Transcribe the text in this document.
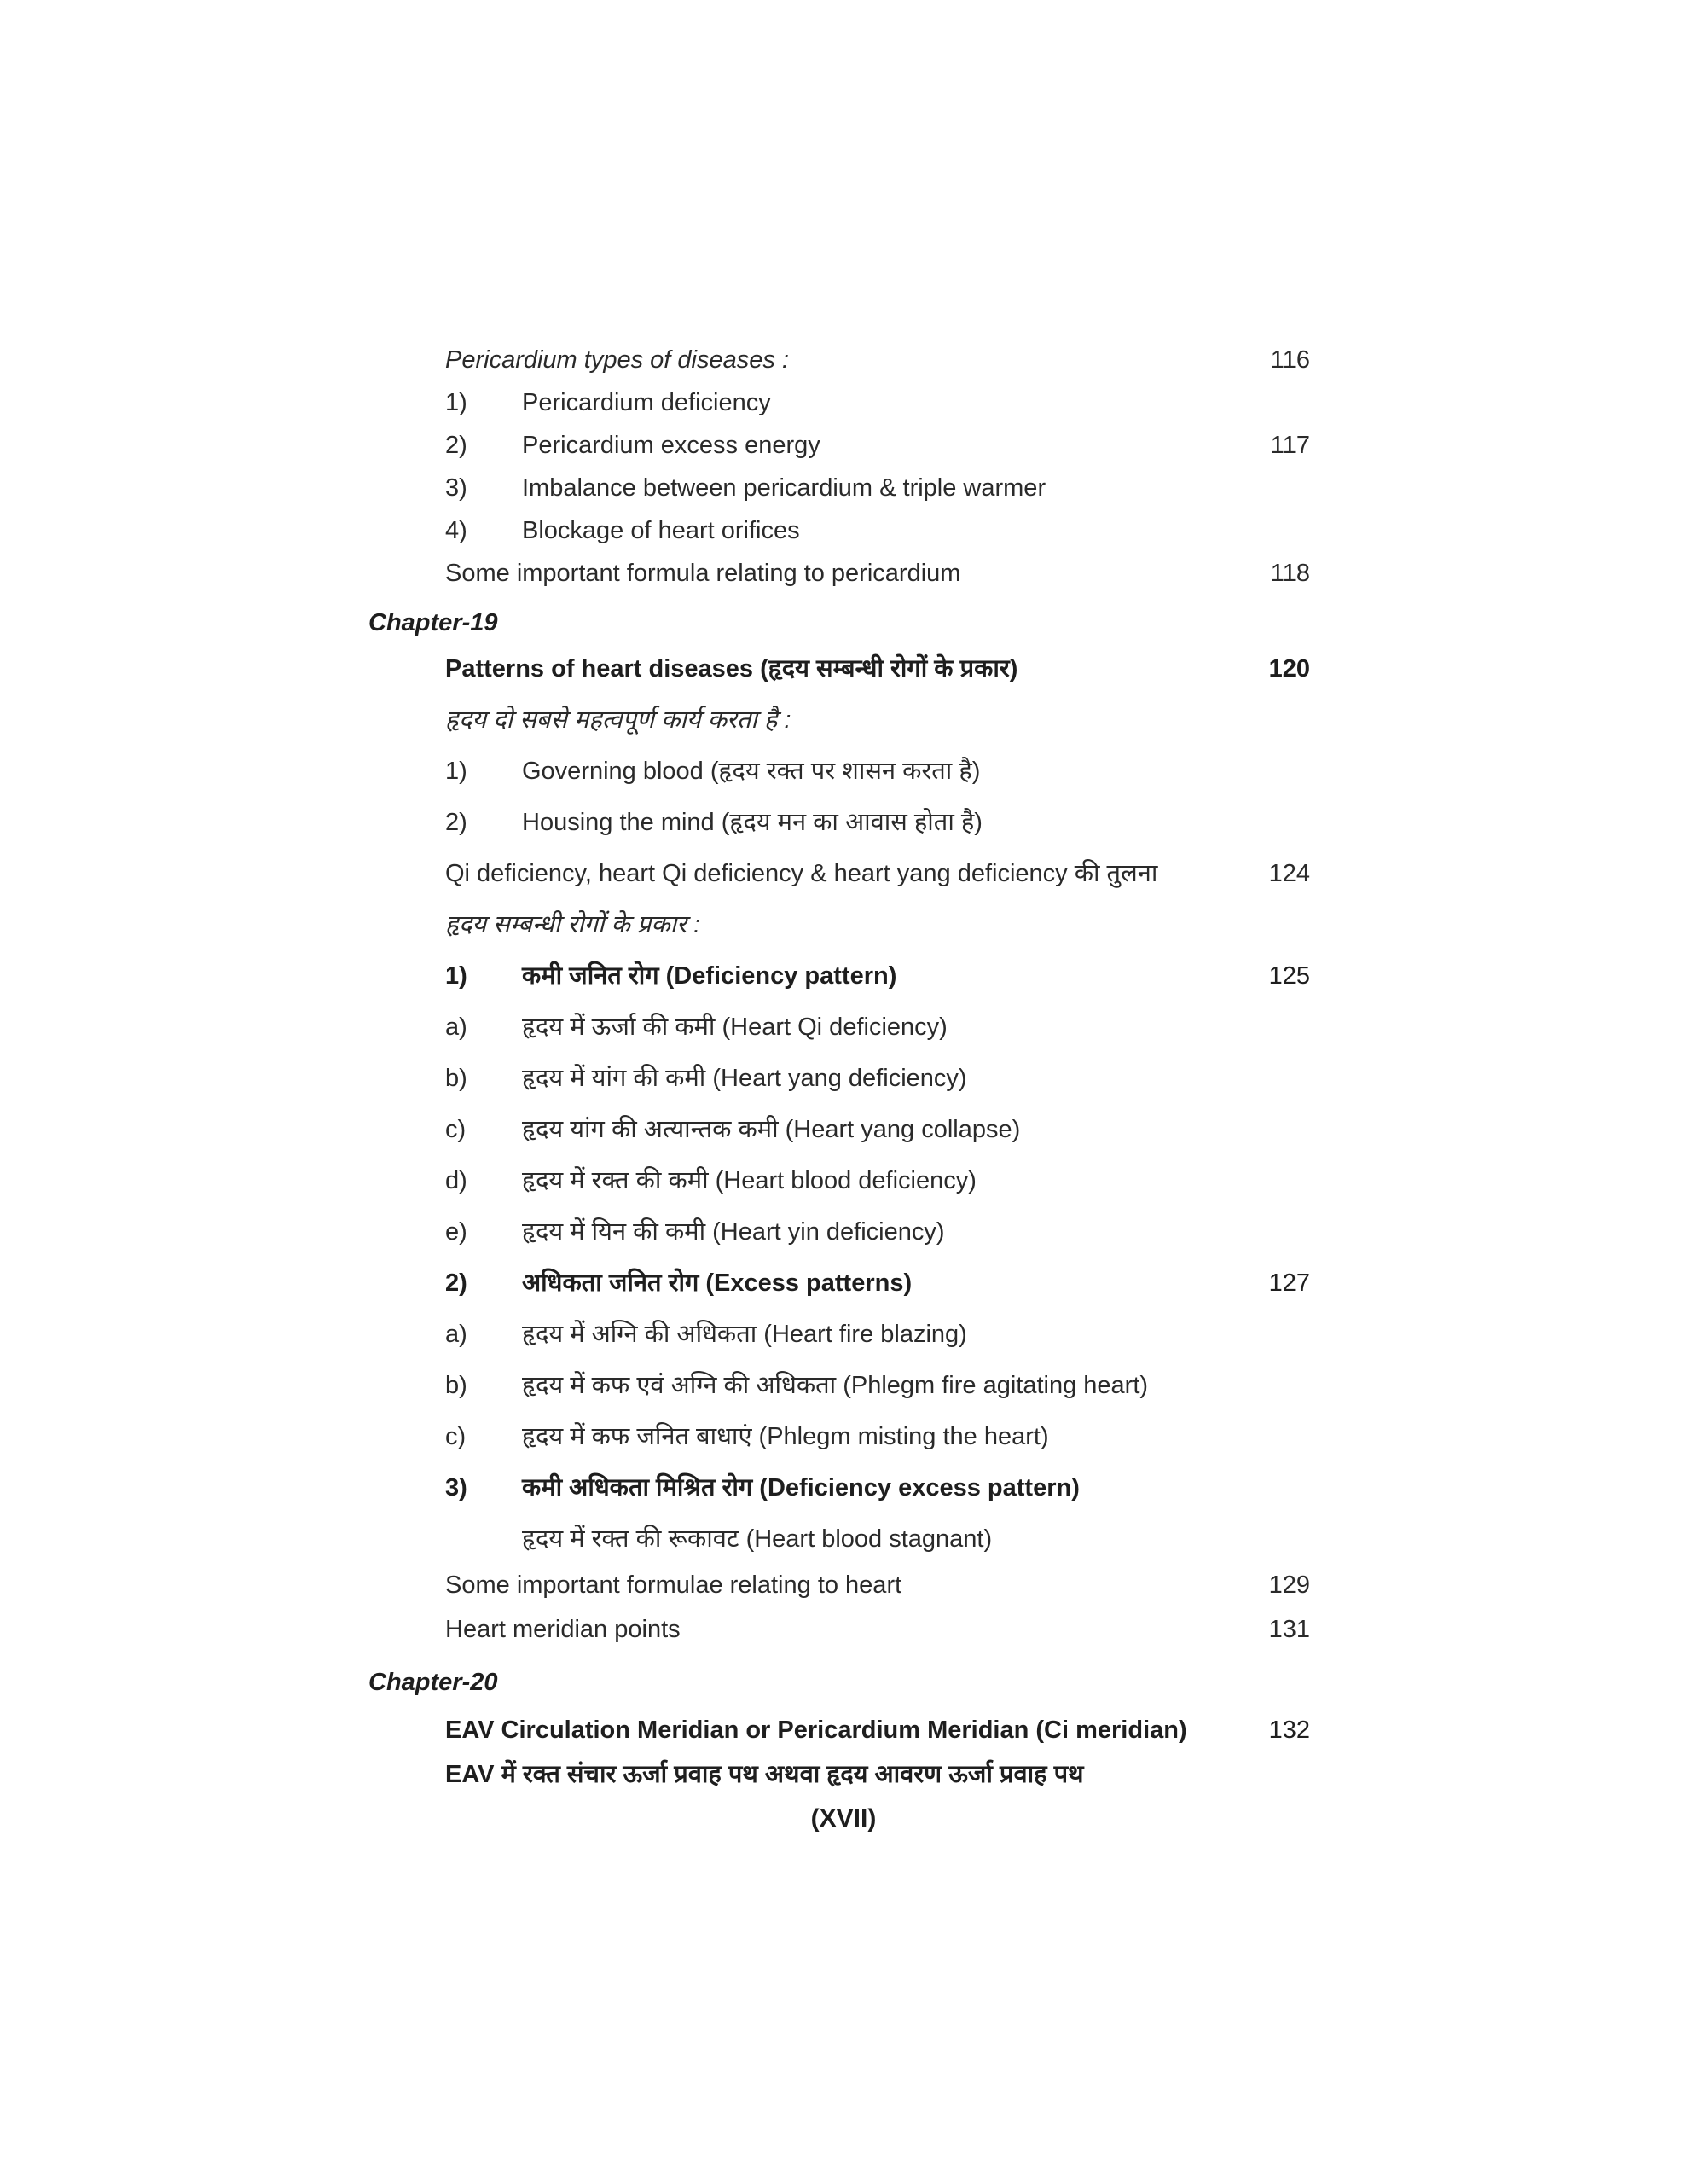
Pericardium types of diseases :	116
1) Pericardium deficiency
2) Pericardium excess energy	117
3) Imbalance between pericardium & triple warmer
4) Blockage of heart orifices
Some important formula relating to pericardium	118
Chapter-19
Patterns of heart diseases (हृदय सम्बन्धी रोगों के प्रकार)	120
हृदय दो सबसे महत्वपूर्ण कार्य करता है :
1) Governing blood (हृदय रक्त पर शासन करता है)
2) Housing the mind (हृदय मन का आवास होता है)
Qi deficiency, heart Qi deficiency & heart yang deficiency की तुलना	124
हृदय सम्बन्धी रोगों के प्रकार :
1) कमी जनित रोग (Deficiency pattern)	125
a) हृदय में ऊर्जा की कमी (Heart Qi deficiency)
b) हृदय में यांग की कमी (Heart yang deficiency)
c) हृदय यांग की अत्यान्तक कमी (Heart yang collapse)
d) हृदय में रक्त की कमी (Heart blood deficiency)
e) हृदय में यिन की कमी (Heart yin deficiency)
2) अधिकता जनित रोग (Excess patterns)	127
a) हृदय में अग्नि की अधिकता (Heart fire blazing)
b) हृदय में कफ एवं अग्नि की अधिकता (Phlegm fire agitating heart)
c) हृदय में कफ जनित बाधाएं (Phlegm misting the heart)
3) कमी अधिकता मिश्रित रोग (Deficiency excess pattern)
हृदय में रक्त की रूकावट (Heart blood stagnant)
Some important formulae relating to heart	129
Heart meridian points	131
Chapter-20
EAV Circulation Meridian or Pericardium Meridian (Ci meridian)	132
EAV में रक्त संचार ऊर्जा प्रवाह पथ अथवा हृदय आवरण ऊर्जा प्रवाह पथ
(XVII)
